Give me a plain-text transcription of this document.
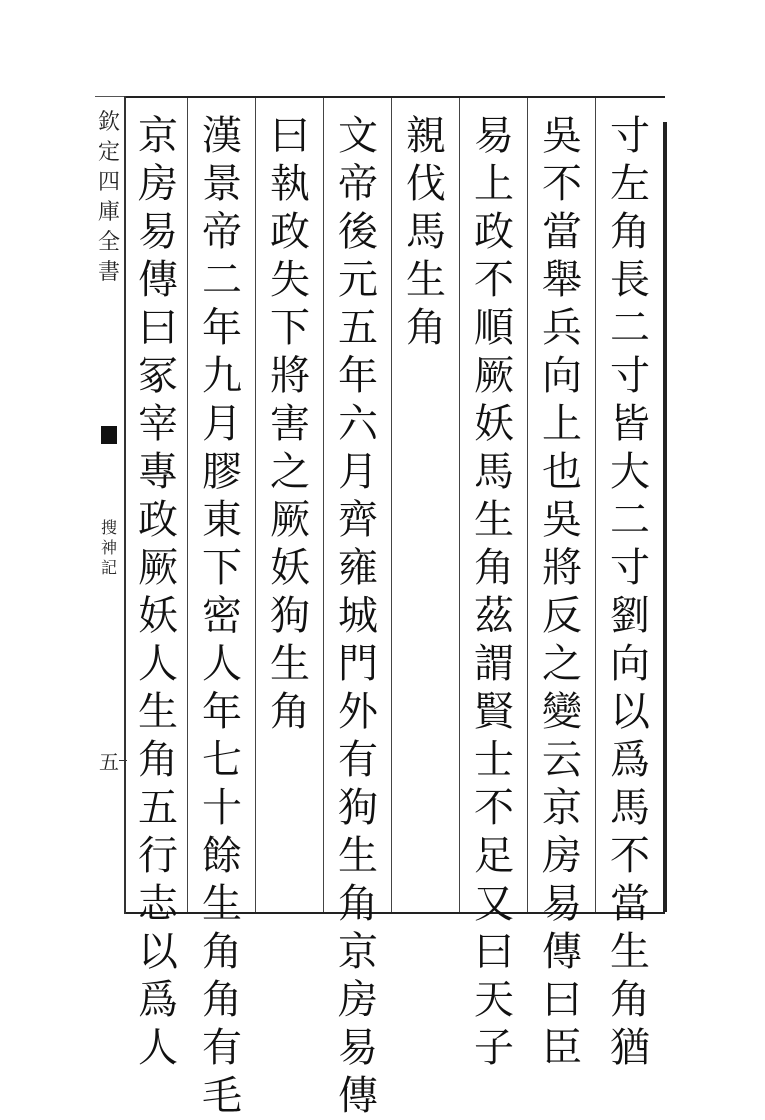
寸左角長二寸皆大二寸劉向以爲馬不當生角猶
吳不當舉兵向上也吳將反之變云京房易傳曰臣
易上政不順厥妖馬生角茲謂賢士不足又曰天子
親伐馬生角
文帝後元五年六月齊雍城門外有狗生角京房易傳
曰執政失下將害之厥妖狗生角
漢景帝二年九月膠東下密人年七十餘生角角有毛
京房易傳曰冢宰專政厥妖人生角五行志以爲人
欽定四庫全書
搜神記
五
